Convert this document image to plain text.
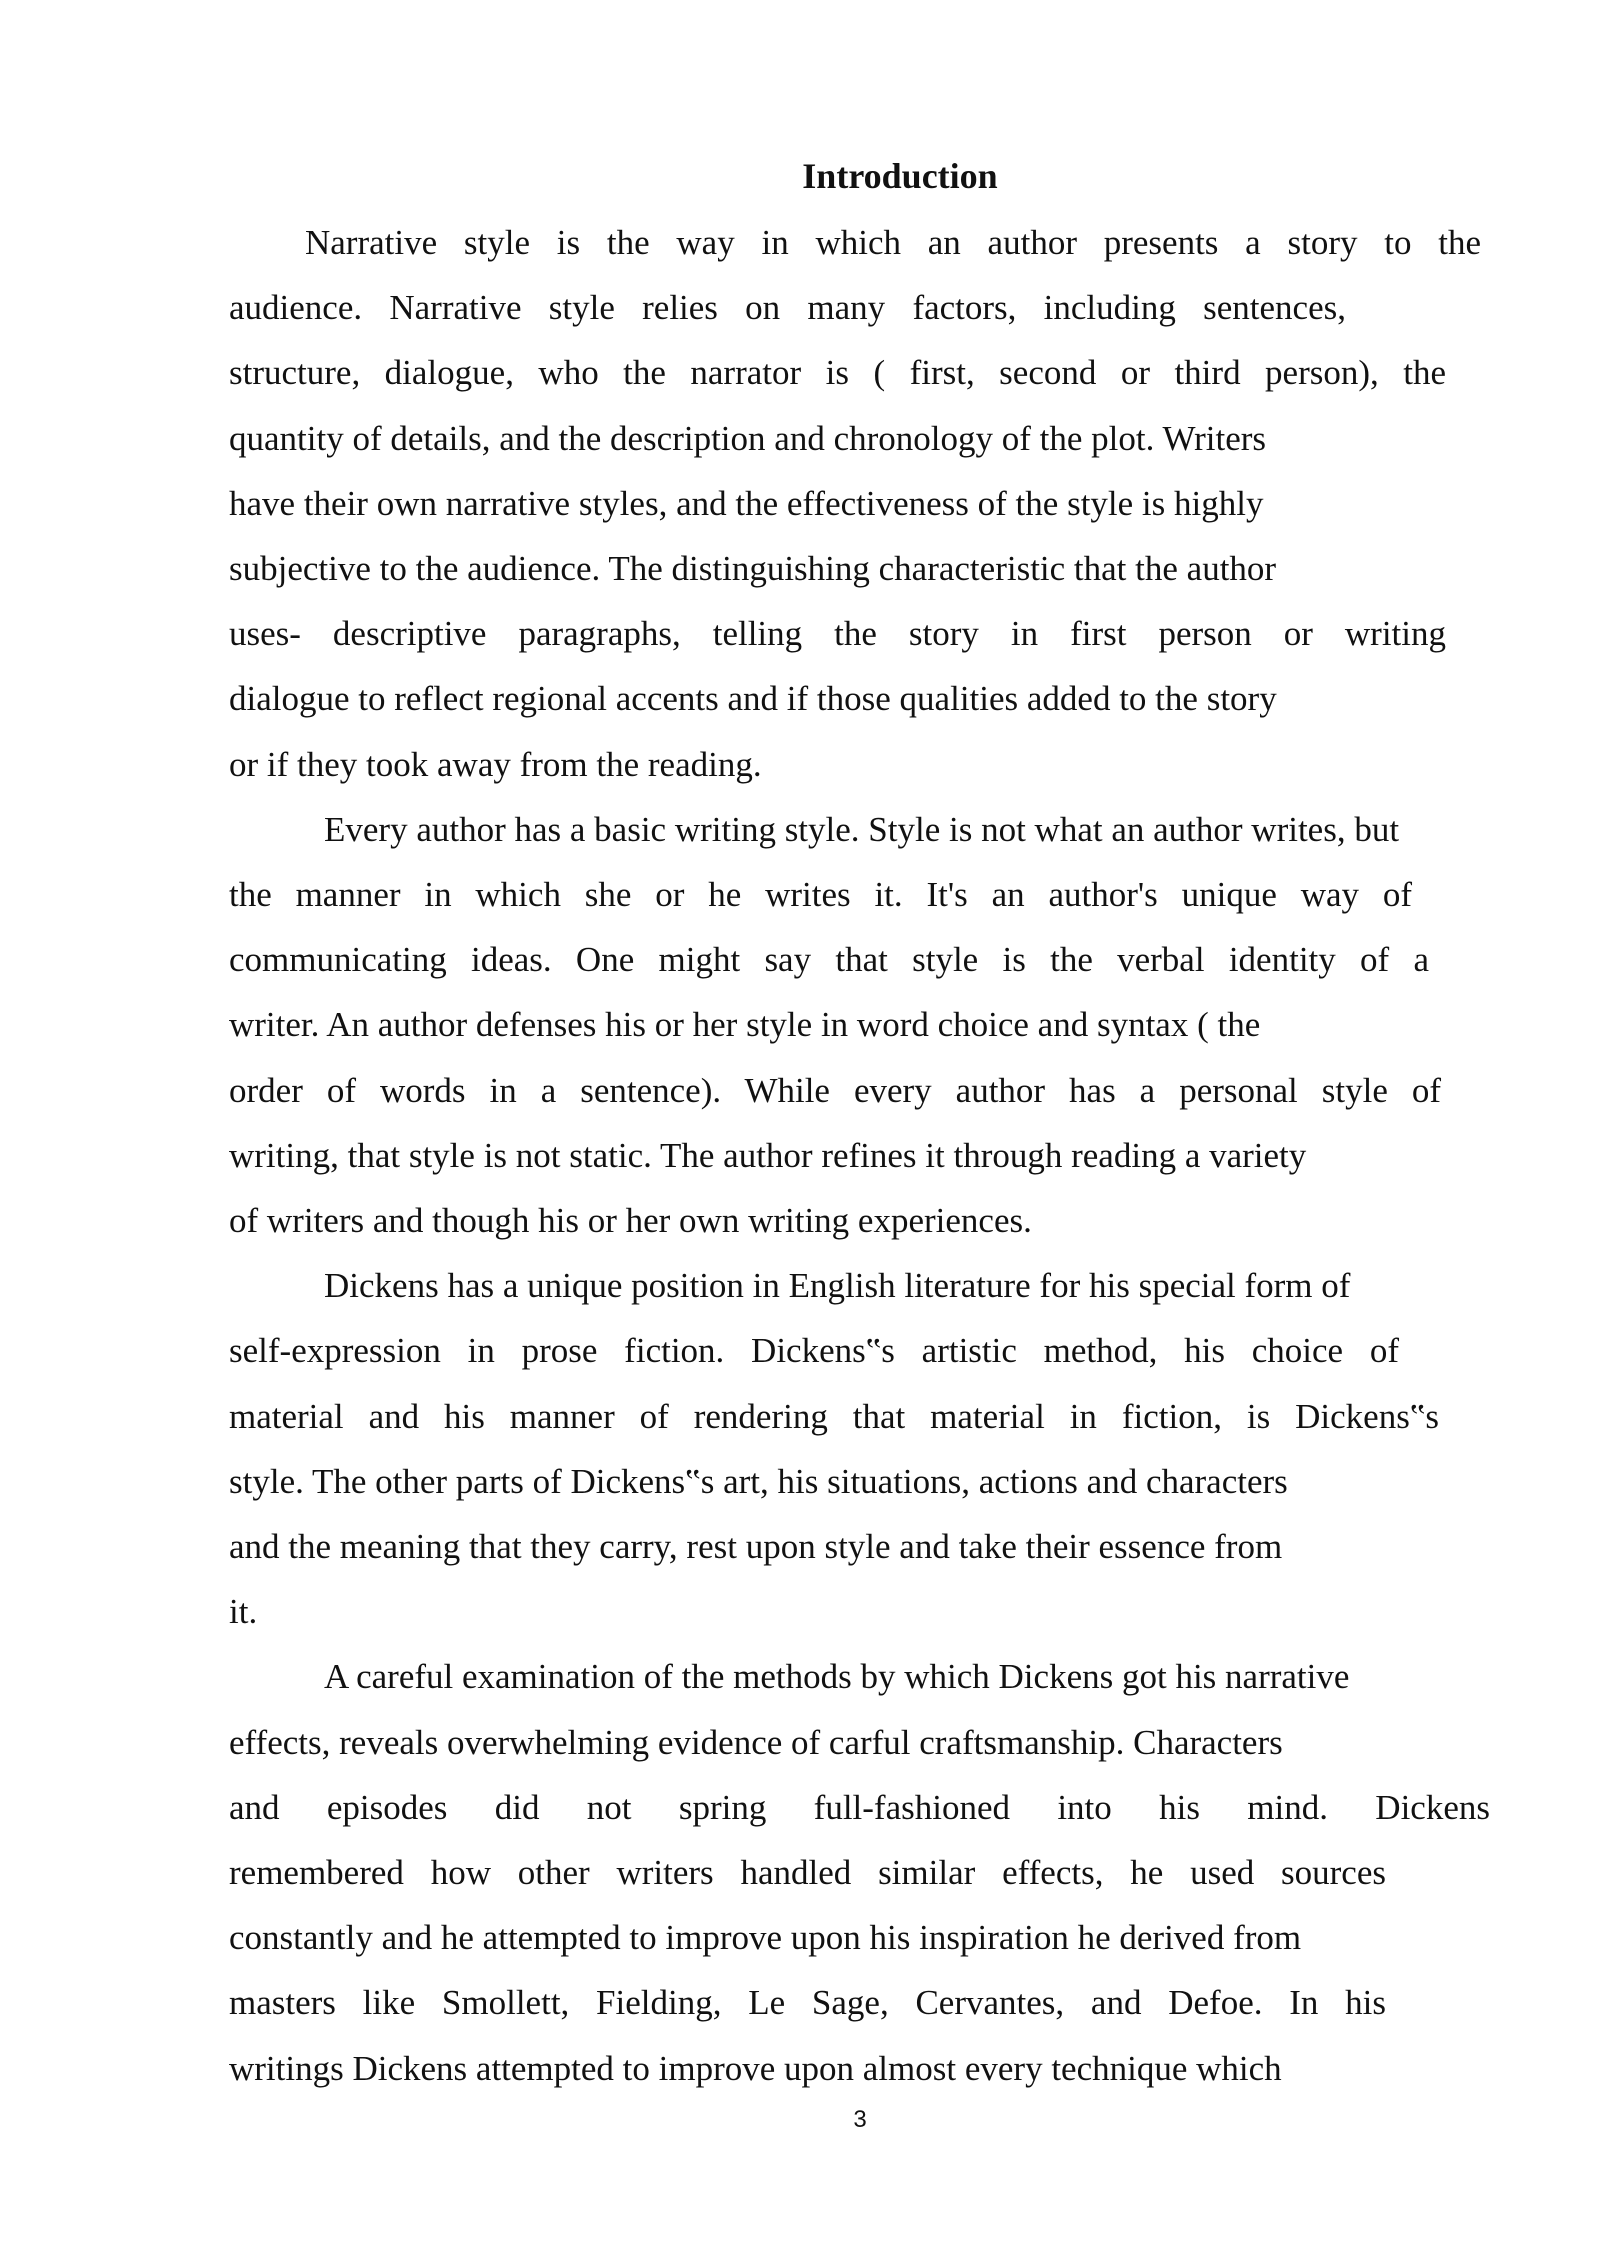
Introduction

Narrative style is the way in which an author presents a story to the
audience. Narrative style relies on many factors, including sentences,
structure, dialogue, who the narrator is ( first, second or third person), the
quantity of details, and the description and chronology of the plot. Writers
have their own narrative styles, and the effectiveness of the style is highly
subjective to the audience. The distinguishing characteristic that the author
uses- descriptive paragraphs, telling the story in first person or writing
dialogue to reflect regional accents and if those qualities added to the story
or if they took away from the reading.

Every author has a basic writing style. Style is not what an author writes, but
the manner in which she or he writes it. It's an author's unique way of
communicating ideas. One might say that style is the verbal identity of a
writer. An author defenses his or her style in word choice and syntax ( the
order of words in a sentence). While every author has a personal style of
writing, that style is not static. The author refines it through reading a variety
of writers and though his or her own writing experiences.

Dickens has a unique position in English literature for his special form of
self-expression in prose fiction. Dickens‟s artistic method, his choice of
material and his manner of rendering that material in fiction, is Dickens‟s
style. The other parts of Dickens‟s art, his situations, actions and characters
and the meaning that they carry, rest upon style and take their essence from
it.

A careful examination of the methods by which Dickens got his narrative
effects, reveals overwhelming evidence of carful craftsmanship. Characters
and episodes did not spring full-fashioned into his mind. Dickens
remembered how other writers handled similar effects, he used sources
constantly and he attempted to improve upon his inspiration he derived from
masters like Smollett, Fielding, Le Sage, Cervantes, and Defoe. In his
writings Dickens attempted to improve upon almost every technique which

3
